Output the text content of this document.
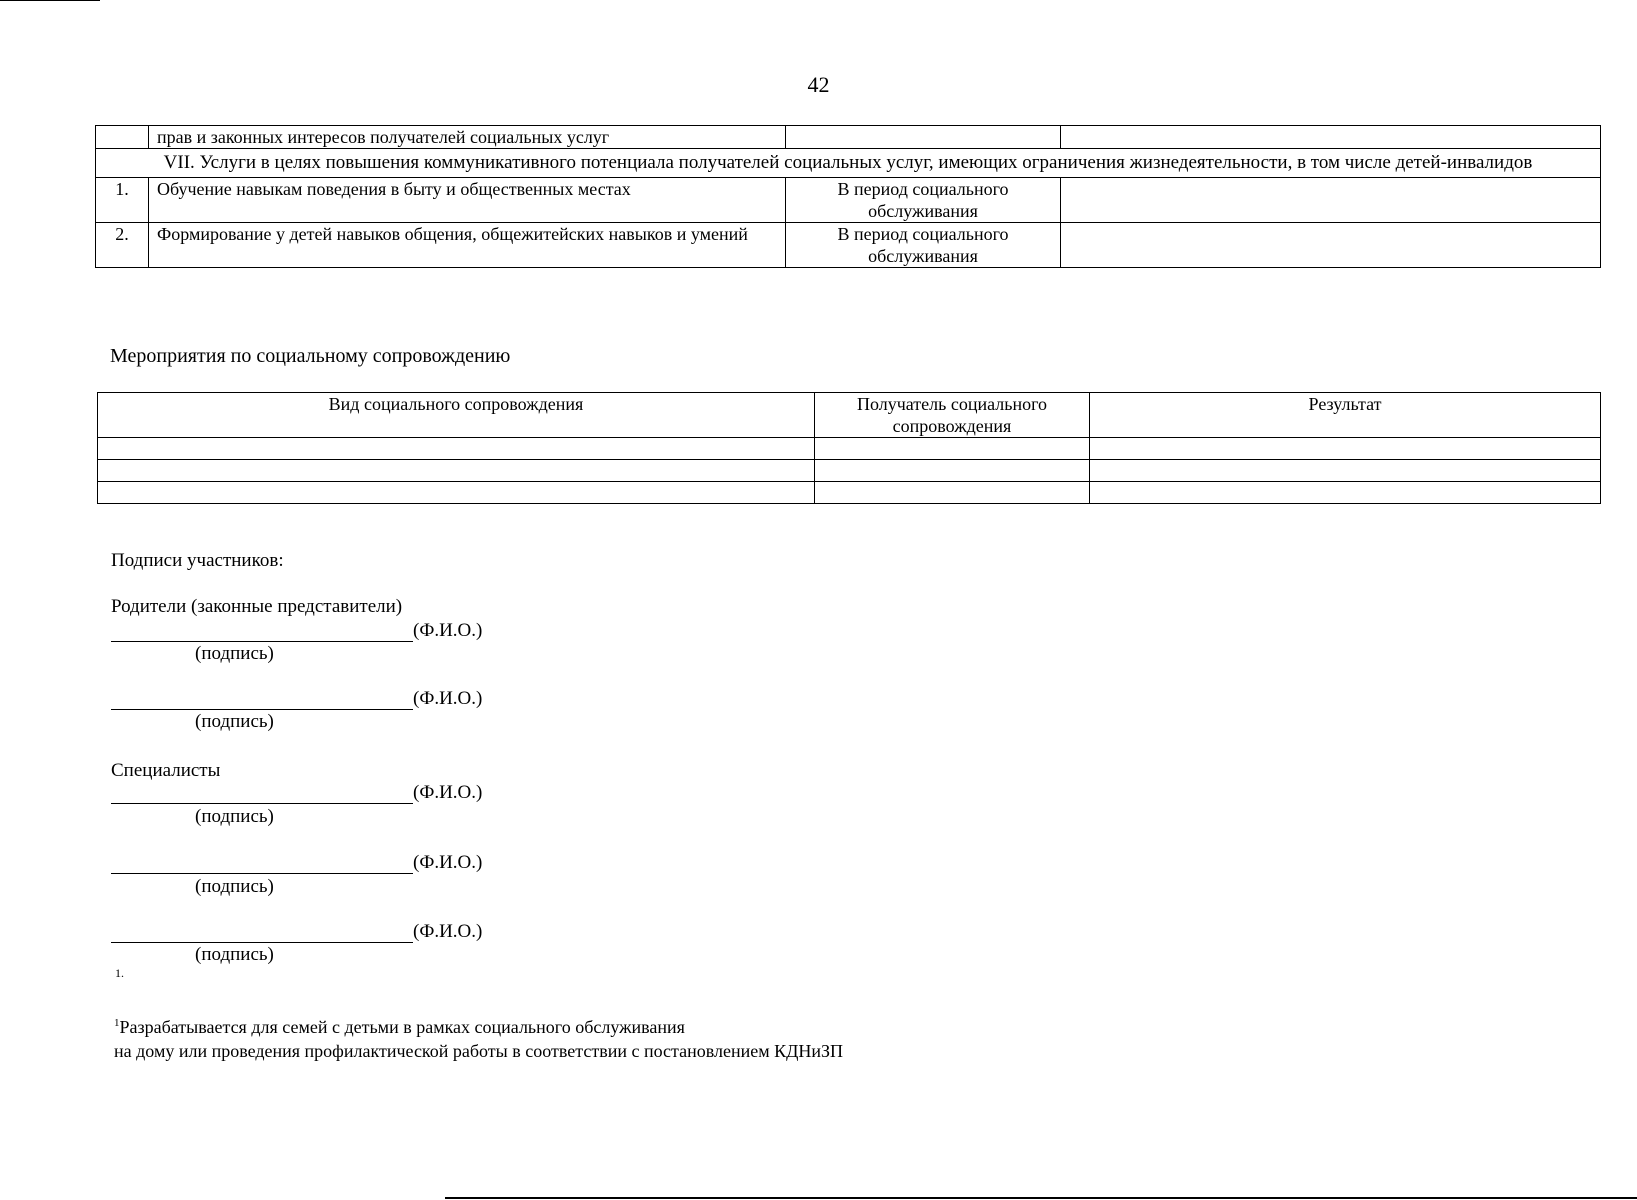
42
	прав и законных интересов получателей социальных услуг		
VII. Услуги в целях повышения коммуникативного потенциала получателей социальных услуг, имеющих ограничения жизнедеятельности, в том числе детей-инвалидов			
1.	Обучение навыкам поведения в быту и общественных местах	В период социального обслуживания	
2.	Формирование у детей навыков общения, общежитейских навыков и умений	В период социального обслуживания	
Мероприятия по социальному сопровождению
Вид социального сопровождения	Получатель социального сопровождения	Результат

Подписи участников:
Родители (законные представители)
(Ф.И.О.)
(подпись)
(Ф.И.О.)
(подпись)
Специалисты
(Ф.И.О.)
(подпись)
(Ф.И.О.)
(подпись)
(Ф.И.О.)
(подпись)
1.
$^1$Разрабатывается для семей с детьми в рамках социального обслуживания
на дому или проведения профилактической работы в соответствии с постановлением КДНиЗП
